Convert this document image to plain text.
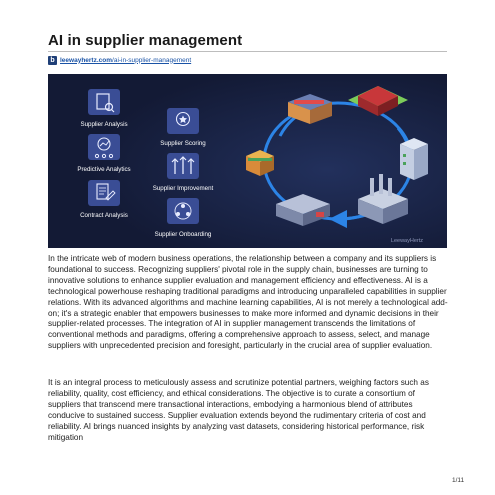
AI in supplier management
b leewayhertz.com/ai-in-supplier-management
Supplier Analysis
Predictive Analytics
Contract Analysis
Supplier Scoring
Supplier Improvement
Supplier Onboarding
LeewayHertz
In the intricate web of modern business operations, the relationship between a company and its suppliers is foundational to success. Recognizing suppliers' pivotal role in the supply chain, businesses are turning to innovative solutions to enhance supplier evaluation and management efficiency and effectiveness. AI is a technological powerhouse reshaping traditional paradigms and introducing unparalleled capabilities in supplier relations. With its advanced algorithms and machine learning capabilities, AI is not merely a technological add-on; it's a strategic enabler that empowers businesses to make more informed and dynamic decisions in their supplier-related processes. The integration of AI in supplier management transcends the limitations of conventional methods and paradigms, offering a comprehensive approach to assess, select, and manage suppliers with unprecedented precision and foresight, particularly in the crucial area of supplier evaluation.
It is an integral process to meticulously assess and scrutinize potential partners, weighing factors such as reliability, quality, cost efficiency, and ethical considerations. The objective is to curate a consortium of suppliers that transcend mere transactional interactions, embodying a harmonious blend of attributes conducive to sustained success. Supplier evaluation extends beyond the rudimentary criteria of cost and reliability. AI brings nuanced insights by analyzing vast datasets, considering historical performance, risk mitigation
1/11
